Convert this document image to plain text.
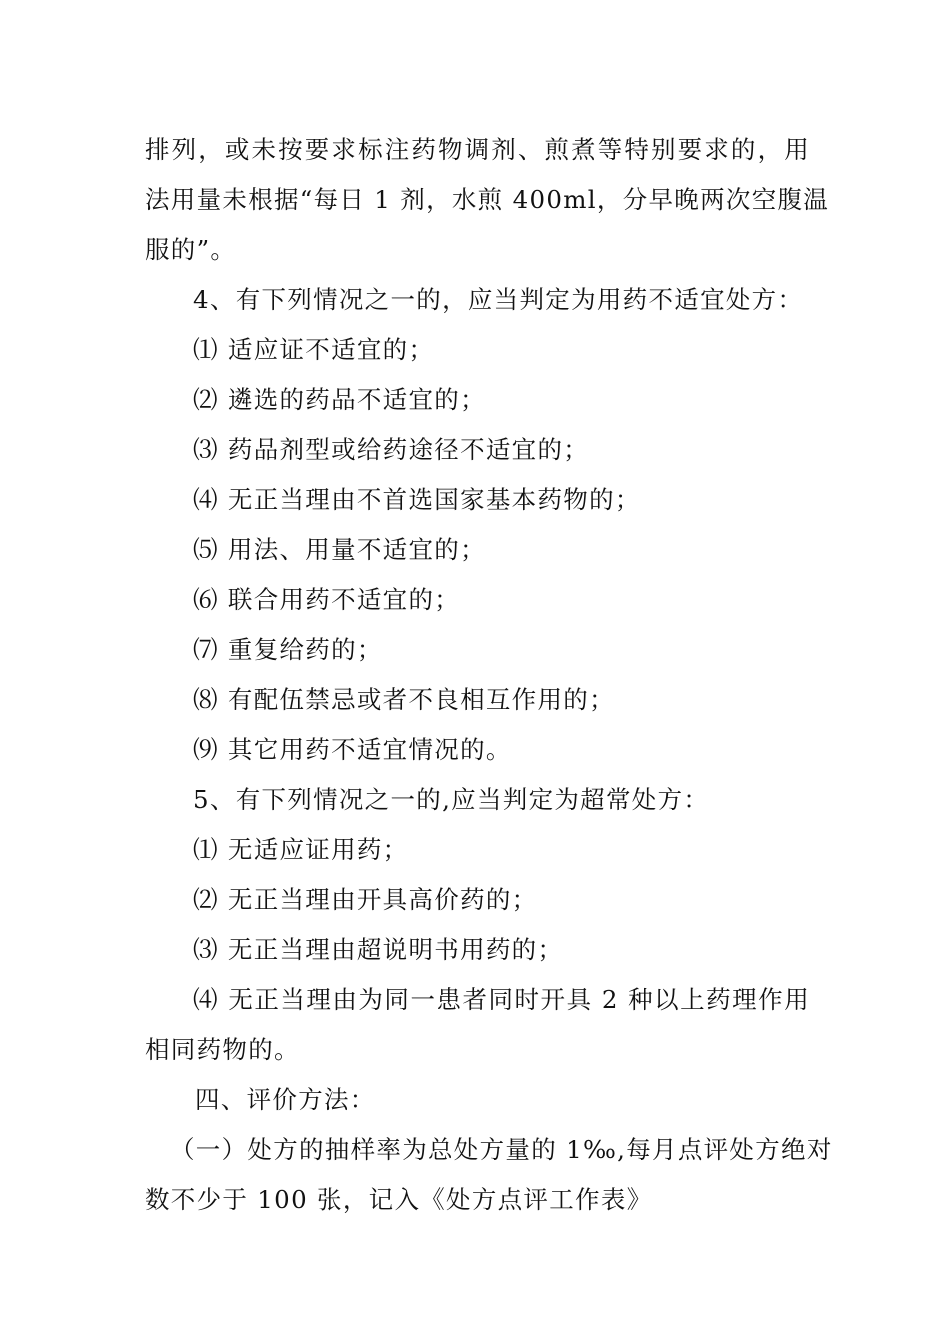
排列，或未按要求标注药物调剂、煎煮等特别要求的，用
法用量未根据“每日 1 剂，水煎 400ml，分早晚两次空腹温
服的”。
4、有下列情况之一的，应当判定为用药不适宜处方：
⑴ 适应证不适宜的；
⑵ 遴选的药品不适宜的；
⑶ 药品剂型或给药途径不适宜的；
⑷ 无正当理由不首选国家基本药物的；
⑸ 用法、用量不适宜的；
⑹ 联合用药不适宜的；
⑺ 重复给药的；
⑻ 有配伍禁忌或者不良相互作用的；
⑼ 其它用药不适宜情况的。
5、有下列情况之一的,应当判定为超常处方：
⑴ 无适应证用药；
⑵ 无正当理由开具高价药的；
⑶ 无正当理由超说明书用药的；
⑷ 无正当理由为同一患者同时开具 2 种以上药理作用
相同药物的。
四、评价方法：
（一）处方的抽样率为总处方量的 1‰,每月点评处方绝对
数不少于 100 张，记入《处方点评工作表》
